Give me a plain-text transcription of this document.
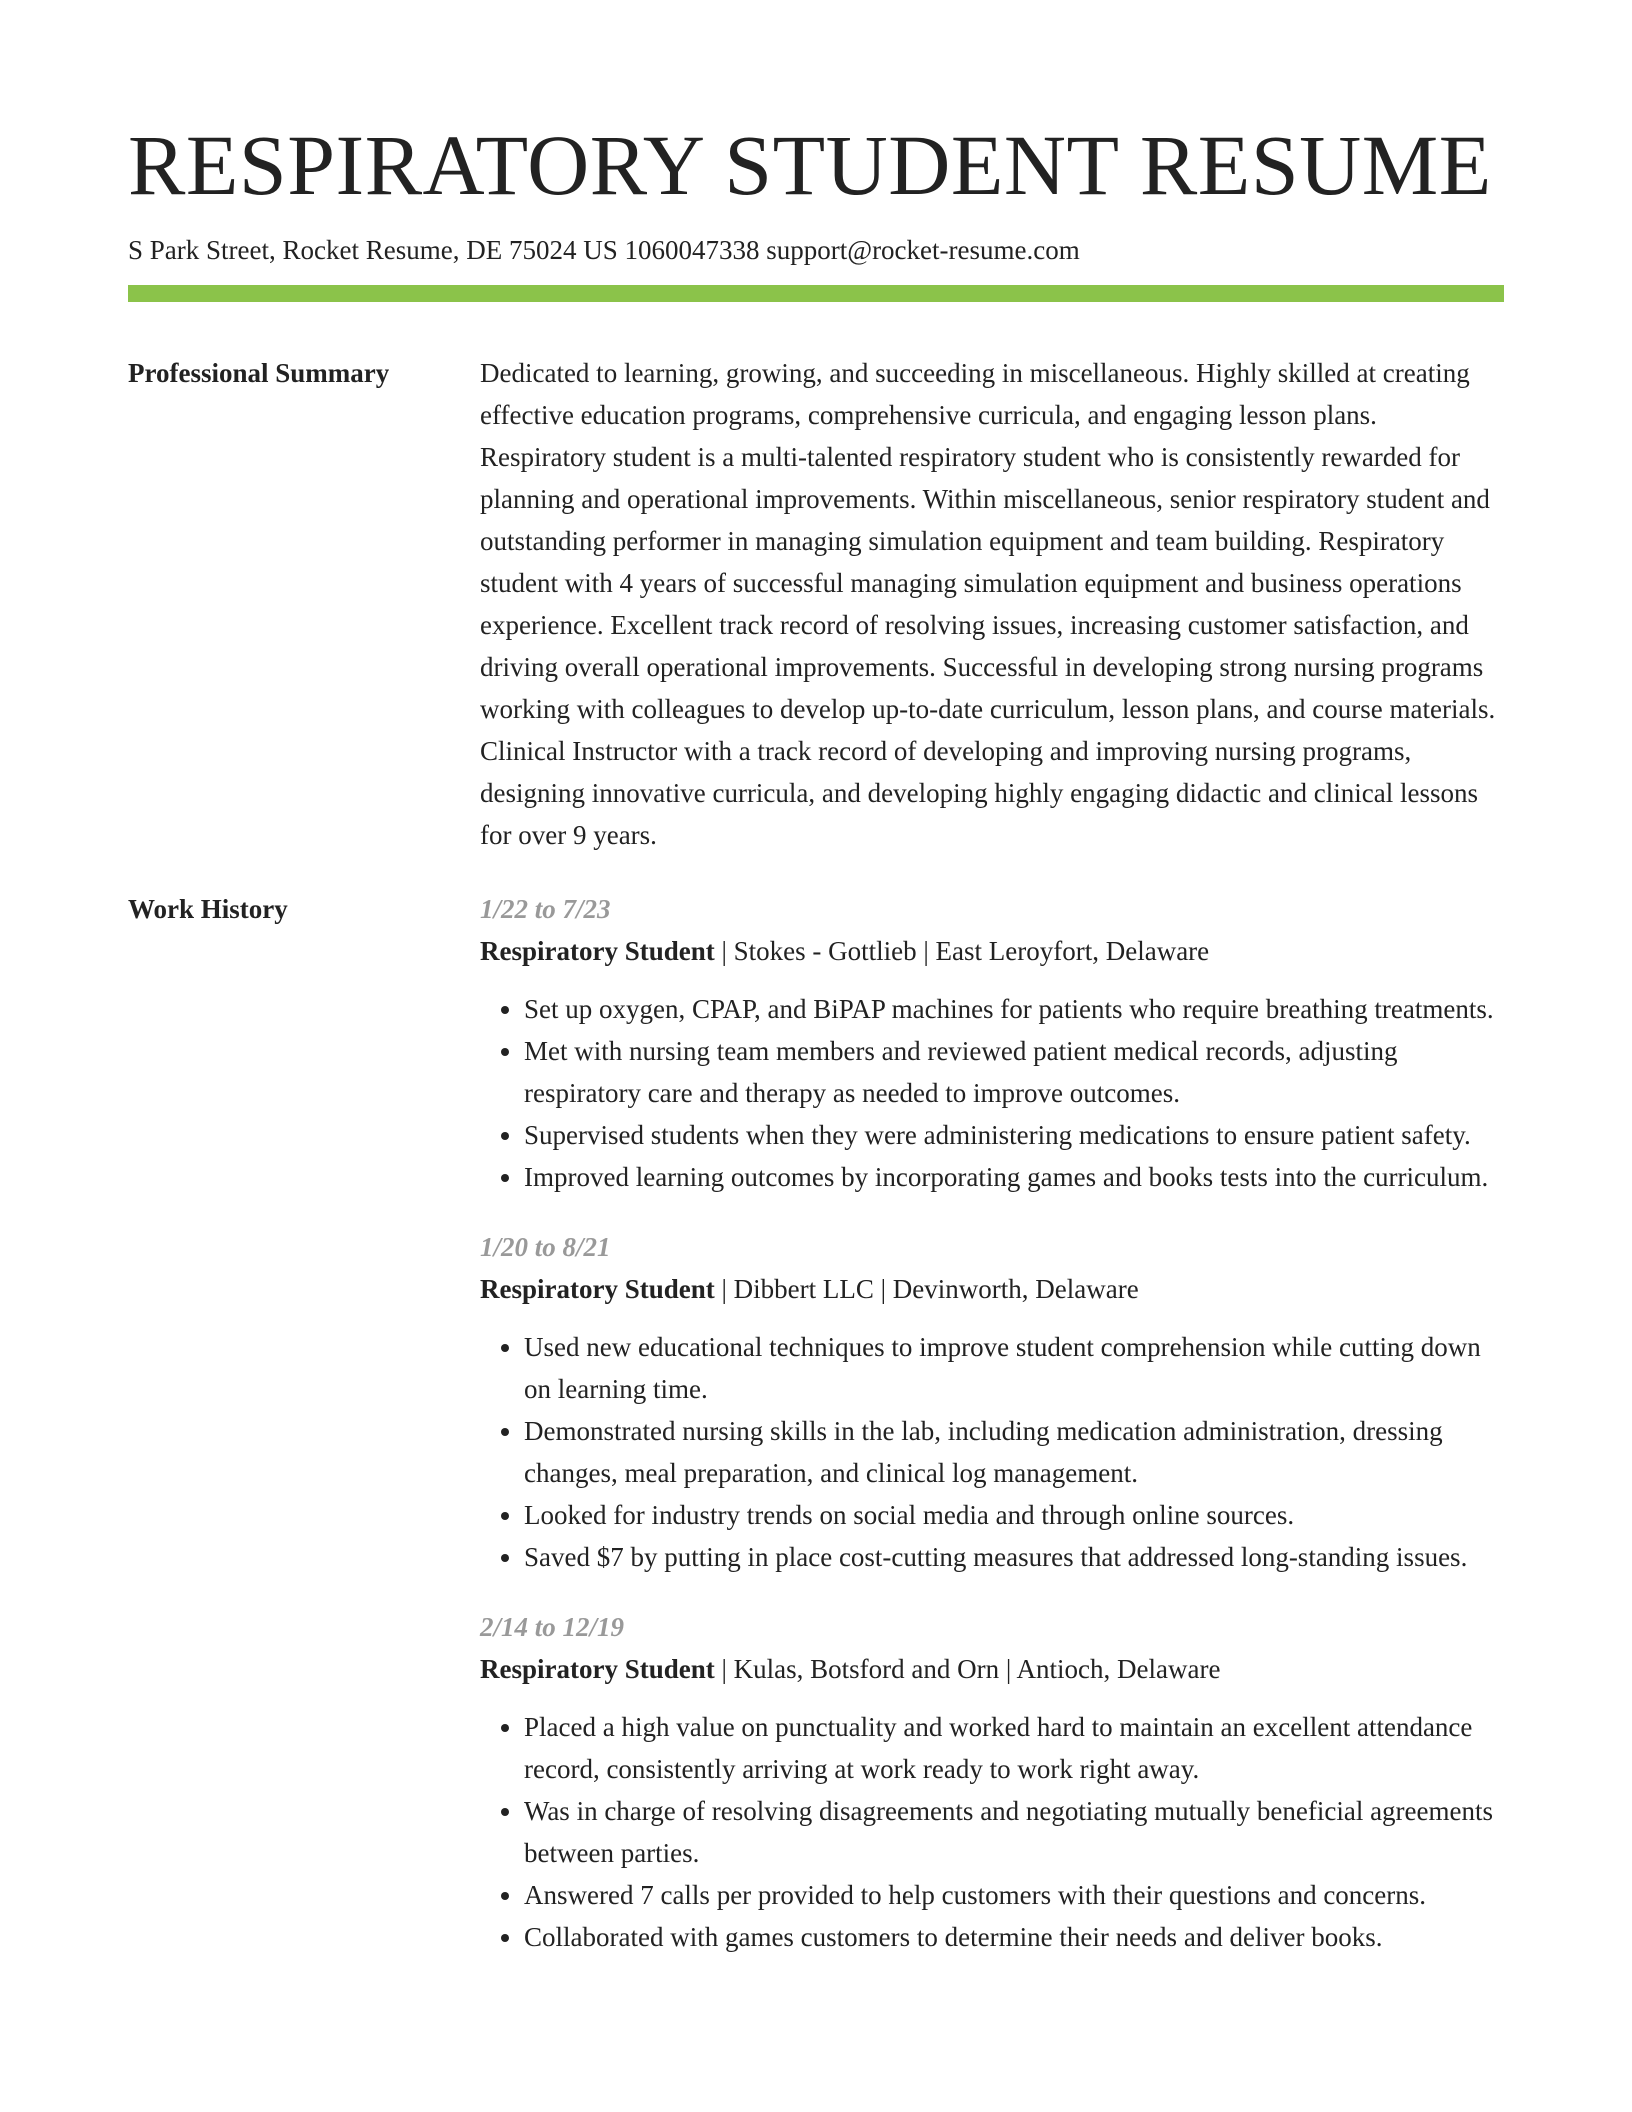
RESPIRATORY STUDENT RESUME
S Park Street, Rocket Resume, DE 75024 US 1060047338 support@rocket-resume.com
Professional Summary	Dedicated to learning, growing, and succeeding in miscellaneous. Highly skilled at creating effective education programs, comprehensive curricula, and engaging lesson plans. Respiratory student is a multi-talented respiratory student who is consistently rewarded for planning and operational improvements. Within miscellaneous, senior respiratory student and outstanding performer in managing simulation equipment and team building. Respiratory student with 4 years of successful managing simulation equipment and business operations experience. Excellent track record of resolving issues, increasing customer satisfaction, and driving overall operational improvements. Successful in developing strong nursing programs working with colleagues to develop up-to-date curriculum, lesson plans, and course materials. Clinical Instructor with a track record of developing and improving nursing programs, designing innovative curricula, and developing highly engaging didactic and clinical lessons for over 9 years.

Work History	1/22 to 7/23
Respiratory Student | Stokes - Gottlieb | East Leroyfort, Delaware
• Set up oxygen, CPAP, and BiPAP machines for patients who require breathing treatments.
• Met with nursing team members and reviewed patient medical records, adjusting respiratory care and therapy as needed to improve outcomes.
• Supervised students when they were administering medications to ensure patient safety.
• Improved learning outcomes by incorporating games and books tests into the curriculum.
1/20 to 8/21
Respiratory Student | Dibbert LLC | Devinworth, Delaware
• Used new educational techniques to improve student comprehension while cutting down on learning time.
• Demonstrated nursing skills in the lab, including medication administration, dressing changes, meal preparation, and clinical log management.
• Looked for industry trends on social media and through online sources.
• Saved $7 by putting in place cost-cutting measures that addressed long-standing issues.
2/14 to 12/19
Respiratory Student | Kulas, Botsford and Orn | Antioch, Delaware
• Placed a high value on punctuality and worked hard to maintain an excellent attendance record, consistently arriving at work ready to work right away.
• Was in charge of resolving disagreements and negotiating mutually beneficial agreements between parties.
• Answered 7 calls per provided to help customers with their questions and concerns.
• Collaborated with games customers to determine their needs and deliver books.
